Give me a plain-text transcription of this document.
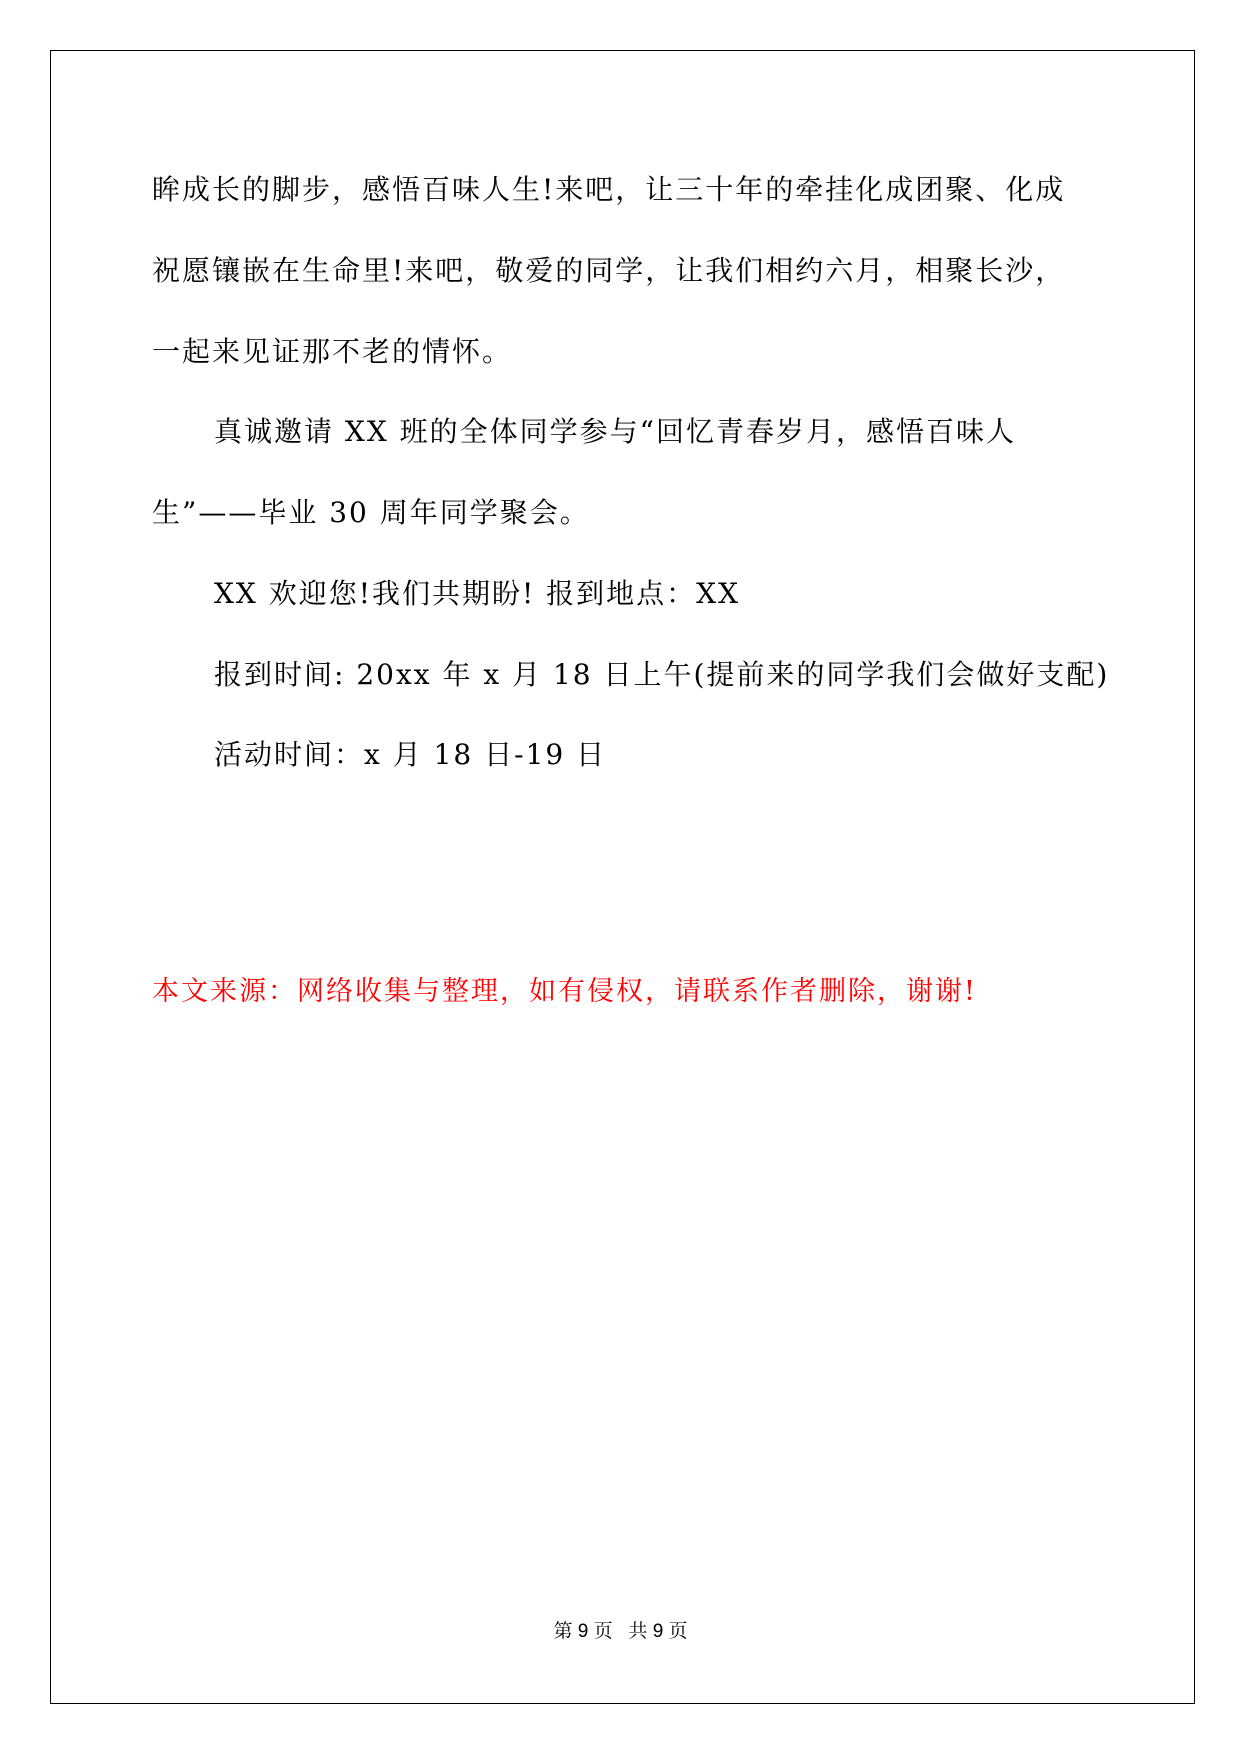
眸成长的脚步，感悟百味人生!来吧，让三十年的牵挂化成团聚、化成
祝愿镶嵌在生命里!来吧，敬爱的同学，让我们相约六月，相聚长沙，
一起来见证那不老的情怀。
真诚邀请 XX 班的全体同学参与“回忆青春岁月，感悟百味人
生”——毕业 30 周年同学聚会。
XX 欢迎您!我们共期盼! 报到地点：XX
报到时间: 20xx 年 x 月 18 日上午(提前来的同学我们会做好支配)
活动时间：x 月 18 日-19 日
本文来源：网络收集与整理，如有侵权，请联系作者删除，谢谢!
第 9 页   共 9 页
